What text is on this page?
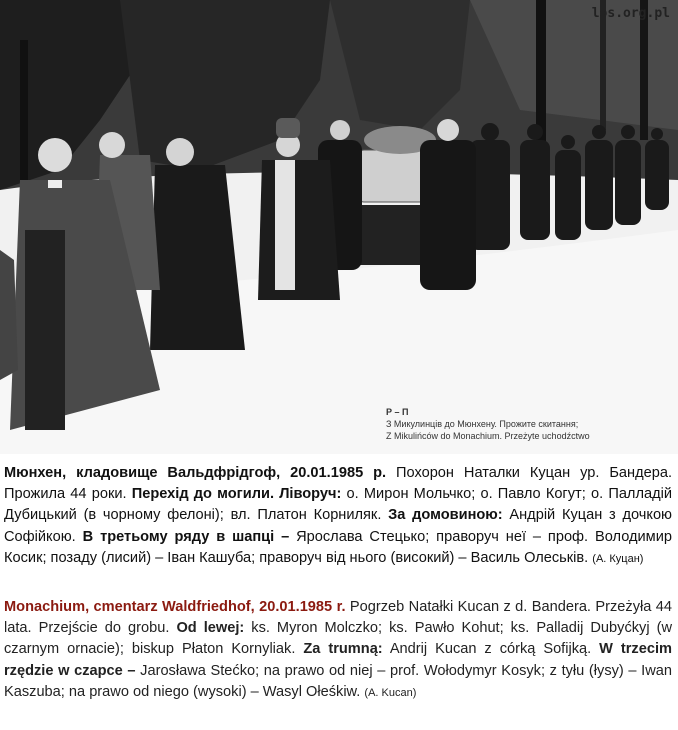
los.org.pl
Р – П
З Микулинців до Мюнхену. Прожите скитання;
Z Mikulińców do Monachium. Przeżyte uchodźctwo
Мюнхен, кладовище Вальдфрідгоф, 20.01.1985 р. Похорон Наталки Куцан ур. Бандера. Прожила 44 роки. Перехід до могили. Ліворуч: о. Мирон Мольчко; о. Павло Когут; о. Палладій Дубицький (в чорному фелоні); вл. Платон Корниляк. За домовиною: Андрій Куцан з дочкою Софійкою. В третьому ряду в шапці – Ярослава Стецько; праворуч неї – проф. Володимир Косик; позаду (лисий) – Іван Кашуба; праворуч від нього (високий) – Василь Олеськів. (А. Куцан)
Monachium, cmentarz Waldfriedhof, 20.01.1985 r. Pogrzeb Natałki Kucan z d. Bandera. Przeżyła 44 lata. Przejście do grobu. Od lewej: ks. Myron Molczko; ks. Pawło Kohut; ks. Palladij Dubyćkyj (w czarnym ornacie); biskup Płaton Kornyliak. Za trumną: Andrij Kucan z córką Sofijką. W trzecim rzędzie w czapce – Jarosława Stećko; na prawo od niej – prof. Wołodymyr Kosyk; z tyłu (łysy) – Iwan Kaszuba; na prawo od niego (wysoki) – Wasyl Ołeśkiw. (A. Kucan)
